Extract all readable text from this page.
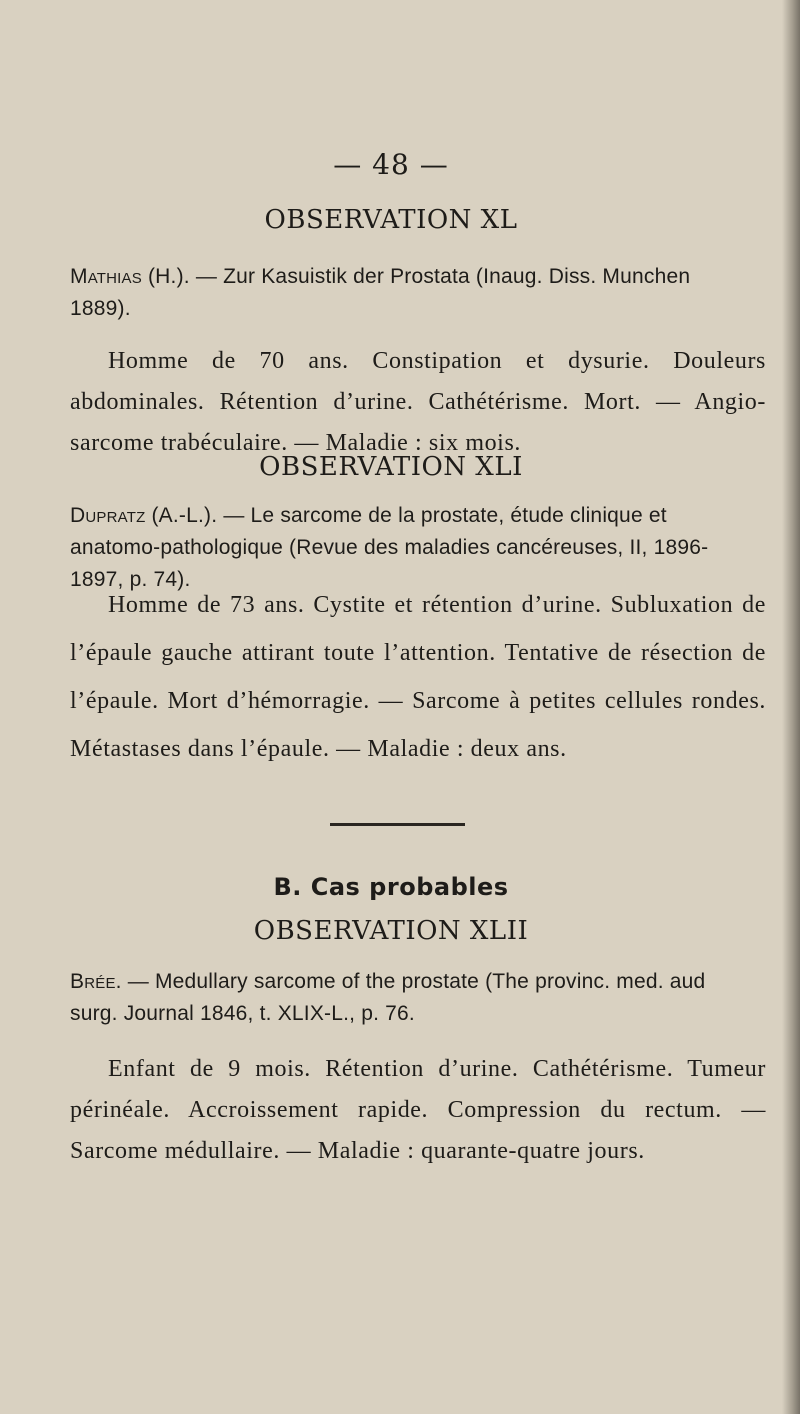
— 48 —
OBSERVATION XL
Mathias (H.). — Zur Kasuistik der Prostata (Inaug. Diss. Munchen 1889).

Homme de 70 ans. Constipation et dysurie. Douleurs abdominales. Rétention d’urine. Cathétérisme. Mort. — Angio-sarcome trabéculaire. — Maladie : six mois.

OBSERVATION XLI
Dupratz (A.-L.). — Le sarcome de la prostate, étude clinique et anatomo-pathologique (Revue des maladies cancéreuses, II, 1896-1897, p. 74).

Homme de 73 ans. Cystite et rétention d’urine. Subluxation de l’épaule gauche attirant toute l’attention. Tentative de résection de l’épaule. Mort d’hémorragie. — Sarcome à petites cellules rondes. Métastases dans l’épaule. — Maladie : deux ans.

B. Cas probables
OBSERVATION XLII
Brée. — Medullary sarcome of the prostate (The provinc. med. aud surg. Journal 1846, t. XLIX-L., p. 76.

Enfant de 9 mois. Rétention d’urine. Cathétérisme. Tumeur périnéale. Accroissement rapide. Compression du rectum. — Sarcome médullaire. — Maladie : quarante-quatre jours.
